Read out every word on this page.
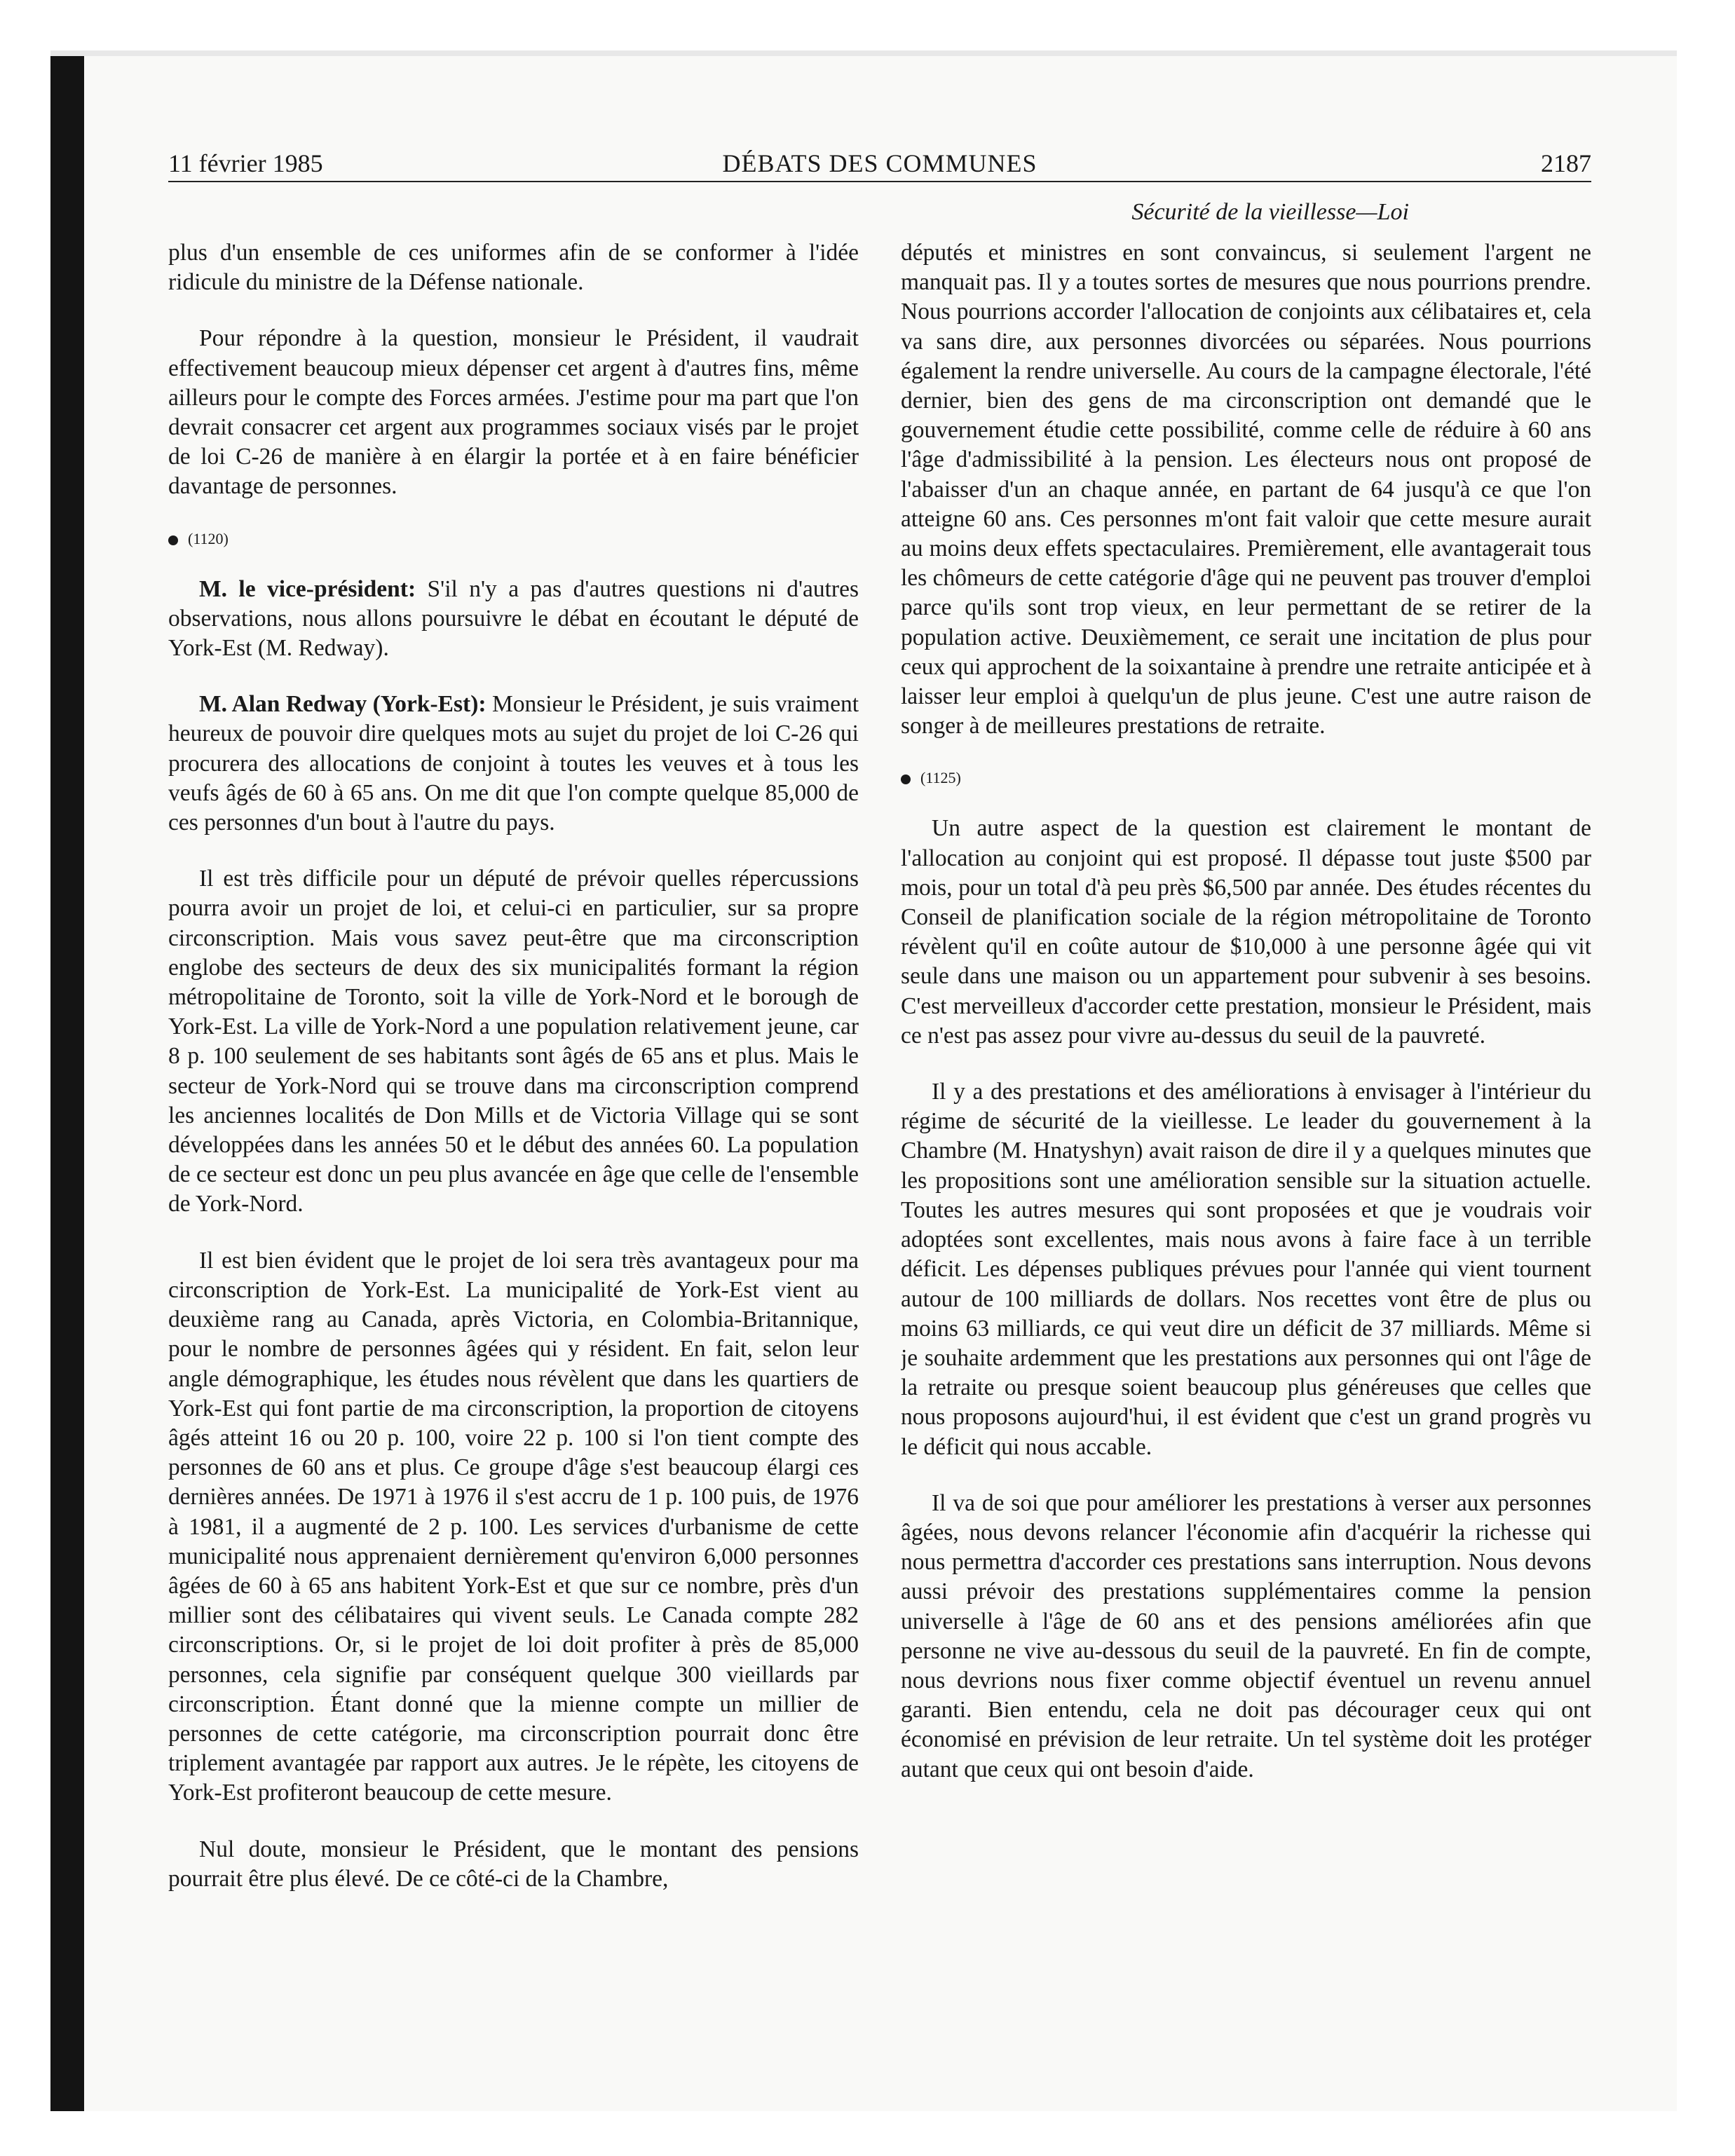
11 février 1985	DÉBATS DES COMMUNES	2187
Sécurité de la vieillesse—Loi

plus d'un ensemble de ces uniformes afin de se conformer à l'idée ridicule du ministre de la Défense nationale.

Pour répondre à la question, monsieur le Président, il vaudrait effectivement beaucoup mieux dépenser cet argent à d'autres fins, même ailleurs pour le compte des Forces armées. J'estime pour ma part que l'on devrait consacrer cet argent aux programmes sociaux visés par le projet de loi C-26 de manière à en élargir la portée et à en faire bénéficier davantage de personnes.

(1120)

M. le vice-président: S'il n'y a pas d'autres questions ni d'autres observations, nous allons poursuivre le débat en écoutant le député de York-Est (M. Redway).

M. Alan Redway (York-Est): Monsieur le Président, je suis vraiment heureux de pouvoir dire quelques mots au sujet du projet de loi C-26 qui procurera des allocations de conjoint à toutes les veuves et à tous les veufs âgés de 60 à 65 ans. On me dit que l'on compte quelque 85,000 de ces personnes d'un bout à l'autre du pays.

Il est très difficile pour un député de prévoir quelles répercussions pourra avoir un projet de loi, et celui-ci en particulier, sur sa propre circonscription. Mais vous savez peut-être que ma circonscription englobe des secteurs de deux des six municipalités formant la région métropolitaine de Toronto, soit la ville de York-Nord et le borough de York-Est. La ville de York-Nord a une population relativement jeune, car 8 p. 100 seulement de ses habitants sont âgés de 65 ans et plus. Mais le secteur de York-Nord qui se trouve dans ma circonscription comprend les anciennes localités de Don Mills et de Victoria Village qui se sont développées dans les années 50 et le début des années 60. La population de ce secteur est donc un peu plus avancée en âge que celle de l'ensemble de York-Nord.

Il est bien évident que le projet de loi sera très avantageux pour ma circonscription de York-Est. La municipalité de York-Est vient au deuxième rang au Canada, après Victoria, en Colombia-Britannique, pour le nombre de personnes âgées qui y résident. En fait, selon leur angle démographique, les études nous révèlent que dans les quartiers de York-Est qui font partie de ma circonscription, la proportion de citoyens âgés atteint 16 ou 20 p. 100, voire 22 p. 100 si l'on tient compte des personnes de 60 ans et plus. Ce groupe d'âge s'est beaucoup élargi ces dernières années. De 1971 à 1976 il s'est accru de 1 p. 100 puis, de 1976 à 1981, il a augmenté de 2 p. 100. Les services d'urbanisme de cette municipalité nous apprenaient dernièrement qu'environ 6,000 personnes âgées de 60 à 65 ans habitent York-Est et que sur ce nombre, près d'un millier sont des célibataires qui vivent seuls. Le Canada compte 282 circonscriptions. Or, si le projet de loi doit profiter à près de 85,000 personnes, cela signifie par conséquent quelque 300 vieillards par circonscription. Étant donné que la mienne compte un millier de personnes de cette catégorie, ma circonscription pourrait donc être triplement avantagée par rapport aux autres. Je le répète, les citoyens de York-Est profiteront beaucoup de cette mesure.

Nul doute, monsieur le Président, que le montant des pensions pourrait être plus élevé. De ce côté-ci de la Chambre,

députés et ministres en sont convaincus, si seulement l'argent ne manquait pas. Il y a toutes sortes de mesures que nous pourrions prendre. Nous pourrions accorder l'allocation de conjoints aux célibataires et, cela va sans dire, aux personnes divorcées ou séparées. Nous pourrions également la rendre universelle. Au cours de la campagne électorale, l'été dernier, bien des gens de ma circonscription ont demandé que le gouvernement étudie cette possibilité, comme celle de réduire à 60 ans l'âge d'admissibilité à la pension. Les électeurs nous ont proposé de l'abaisser d'un an chaque année, en partant de 64 jusqu'à ce que l'on atteigne 60 ans. Ces personnes m'ont fait valoir que cette mesure aurait au moins deux effets spectaculaires. Premièrement, elle avantagerait tous les chômeurs de cette catégorie d'âge qui ne peuvent pas trouver d'emploi parce qu'ils sont trop vieux, en leur permettant de se retirer de la population active. Deuxièmement, ce serait une incitation de plus pour ceux qui approchent de la soixantaine à prendre une retraite anticipée et à laisser leur emploi à quelqu'un de plus jeune. C'est une autre raison de songer à de meilleures prestations de retraite.

(1125)

Un autre aspect de la question est clairement le montant de l'allocation au conjoint qui est proposé. Il dépasse tout juste $500 par mois, pour un total d'à peu près $6,500 par année. Des études récentes du Conseil de planification sociale de la région métropolitaine de Toronto révèlent qu'il en coûte autour de $10,000 à une personne âgée qui vit seule dans une maison ou un appartement pour subvenir à ses besoins. C'est merveilleux d'accorder cette prestation, monsieur le Président, mais ce n'est pas assez pour vivre au-dessus du seuil de la pauvreté.

Il y a des prestations et des améliorations à envisager à l'intérieur du régime de sécurité de la vieillesse. Le leader du gouvernement à la Chambre (M. Hnatyshyn) avait raison de dire il y a quelques minutes que les propositions sont une amélioration sensible sur la situation actuelle. Toutes les autres mesures qui sont proposées et que je voudrais voir adoptées sont excellentes, mais nous avons à faire face à un terrible déficit. Les dépenses publiques prévues pour l'année qui vient tournent autour de 100 milliards de dollars. Nos recettes vont être de plus ou moins 63 milliards, ce qui veut dire un déficit de 37 milliards. Même si je souhaite ardemment que les prestations aux personnes qui ont l'âge de la retraite ou presque soient beaucoup plus généreuses que celles que nous proposons aujourd'hui, il est évident que c'est un grand progrès vu le déficit qui nous accable.

Il va de soi que pour améliorer les prestations à verser aux personnes âgées, nous devons relancer l'économie afin d'acquérir la richesse qui nous permettra d'accorder ces prestations sans interruption. Nous devons aussi prévoir des prestations supplémentaires comme la pension universelle à l'âge de 60 ans et des pensions améliorées afin que personne ne vive au-dessous du seuil de la pauvreté. En fin de compte, nous devrions nous fixer comme objectif éventuel un revenu annuel garanti. Bien entendu, cela ne doit pas décourager ceux qui ont économisé en prévision de leur retraite. Un tel système doit les protéger autant que ceux qui ont besoin d'aide.
